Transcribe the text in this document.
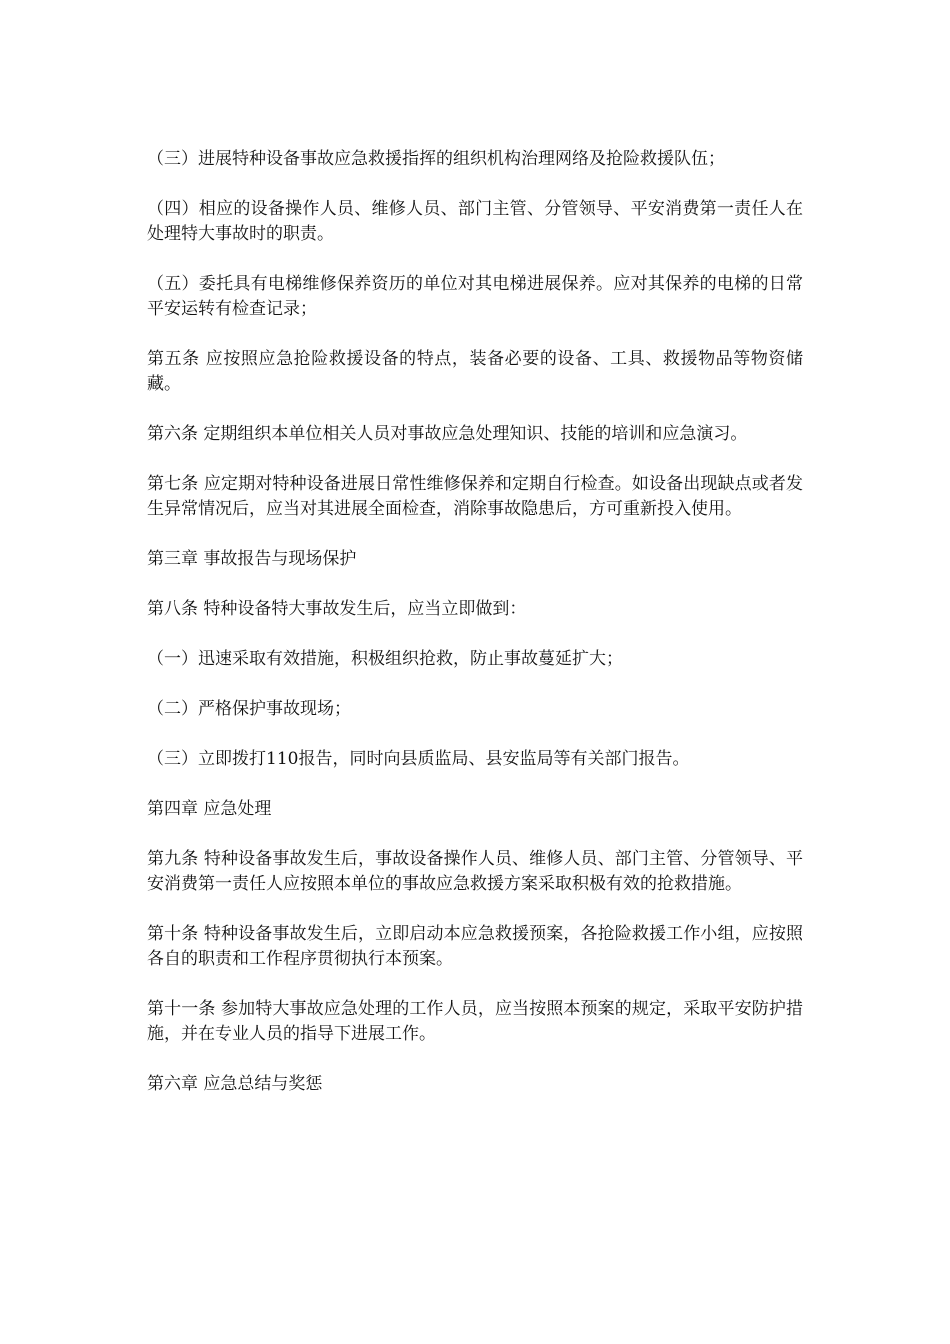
（三）进展特种设备事故应急救援指挥的组织机构治理网络及抢险救援队伍；

（四）相应的设备操作人员、维修人员、部门主管、分管领导、平安消费第一责任人在处理特大事故时的职责。

（五）委托具有电梯维修保养资历的单位对其电梯进展保养。应对其保养的电梯的日常平安运转有检查记录；

第五条 应按照应急抢险救援设备的特点，装备必要的设备、工具、救援物品等物资储藏。

第六条 定期组织本单位相关人员对事故应急处理知识、技能的培训和应急演习。

第七条 应定期对特种设备进展日常性维修保养和定期自行检查。如设备出现缺点或者发生异常情况后，应当对其进展全面检查，消除事故隐患后，方可重新投入使用。

第三章 事故报告与现场保护

第八条 特种设备特大事故发生后，应当立即做到：

（一）迅速采取有效措施，积极组织抢救，防止事故蔓延扩大；

（二）严格保护事故现场；

（三）立即拨打110报告，同时向县质监局、县安监局等有关部门报告。

第四章 应急处理

第九条 特种设备事故发生后，事故设备操作人员、维修人员、部门主管、分管领导、平安消费第一责任人应按照本单位的事故应急救援方案采取积极有效的抢救措施。

第十条 特种设备事故发生后，立即启动本应急救援预案，各抢险救援工作小组，应按照各自的职责和工作程序贯彻执行本预案。

第十一条 参加特大事故应急处理的工作人员，应当按照本预案的规定，采取平安防护措施，并在专业人员的指导下进展工作。

第六章 应急总结与奖惩
